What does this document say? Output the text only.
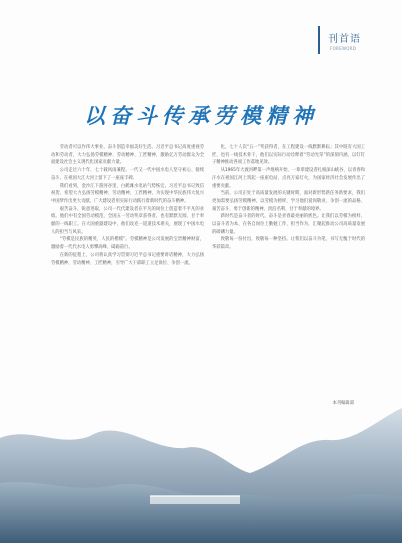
刊首语
FOREWORD
以奋斗传承劳模精神

劳动者可以作伟大事业，奋斗创造幸福美好生活。习近平总书记高度重视劳动和劳动者，大力弘扬劳模精神、劳动精神、工匠精神，激励亿万劳动群众为全面建设社会主义现代化国家贡献力量。

公司走过六十年，七十载风雨兼程。一代又一代中国水电人坚守初心、接续奋斗，在祖国大江大河上留下了一座座丰碑。

我们看到，金沙江下游河谷里，白鹤滩水电站气势恢宏。习近平总书记致信祝贺，希望大力弘扬劳模精神、劳动精神、工匠精神，为实现中华民族伟大复兴中国梦作出更大贡献。广大建设者用实际行动践行着新时代的奋斗精神。

艰苦奋斗，锐意进取，公司一代代建设者在平凡的岗位上创造着不平凡的业绩。他们中有全国劳动模范、全国五一劳动奖章获得者，也有默默无闻、甘于奉献的一线职工。在大国重器建设中，他们攻克一道道技术难关，展现了中国水电人的担当与风采。

“劳模是民族的精英、人民的楷模”。劳模精神是公司发展的宝贵精神财富，激励着一代代水电人勇攀高峰、砥砺前行。

在新的征程上，公司将认真学习贯彻习近平总书记重要讲话精神，大力弘扬劳模精神、劳动精神、工匠精神，引导广大干部职工立足岗位、争创一流。

化，七十人次“五一”奖获得者，在工程建设一线默默耕耘；其中既有大国工匠，也有一线技术骨干，他们以实际行动诠释着“劳动光荣”的深刻内涵，以钉钉子精神推动各项工作落地见效。

从1965年大渡河畔第一声炮响开始，一辈辈建设者扎根深山峡谷，以青春和汗水在祖国江河上筑起一座座电站，点亮万家灯火，为国家经济社会发展作出了重要贡献。

当前，公司正处于高质量发展的关键时期，面对新形势新任务新要求，我们更加需要弘扬劳模精神，以劳模为榜样，学习他们爱岗敬业、争创一流的品格，艰苦奋斗、勇于创新的精神，淡泊名利、甘于奉献的境界。

新时代是奋斗者的时代，奋斗是青春最亮丽的底色。让我们以劳模为榜样，以奋斗者为本，在各自岗位上勤勉工作、担当作为，汇聚起推动公司高质量发展的磅礴力量。

致敬每一份付出，致敬每一种坚持。让我们以奋斗为笔，书写无愧于时代的华彩篇章。

本刊编辑部
